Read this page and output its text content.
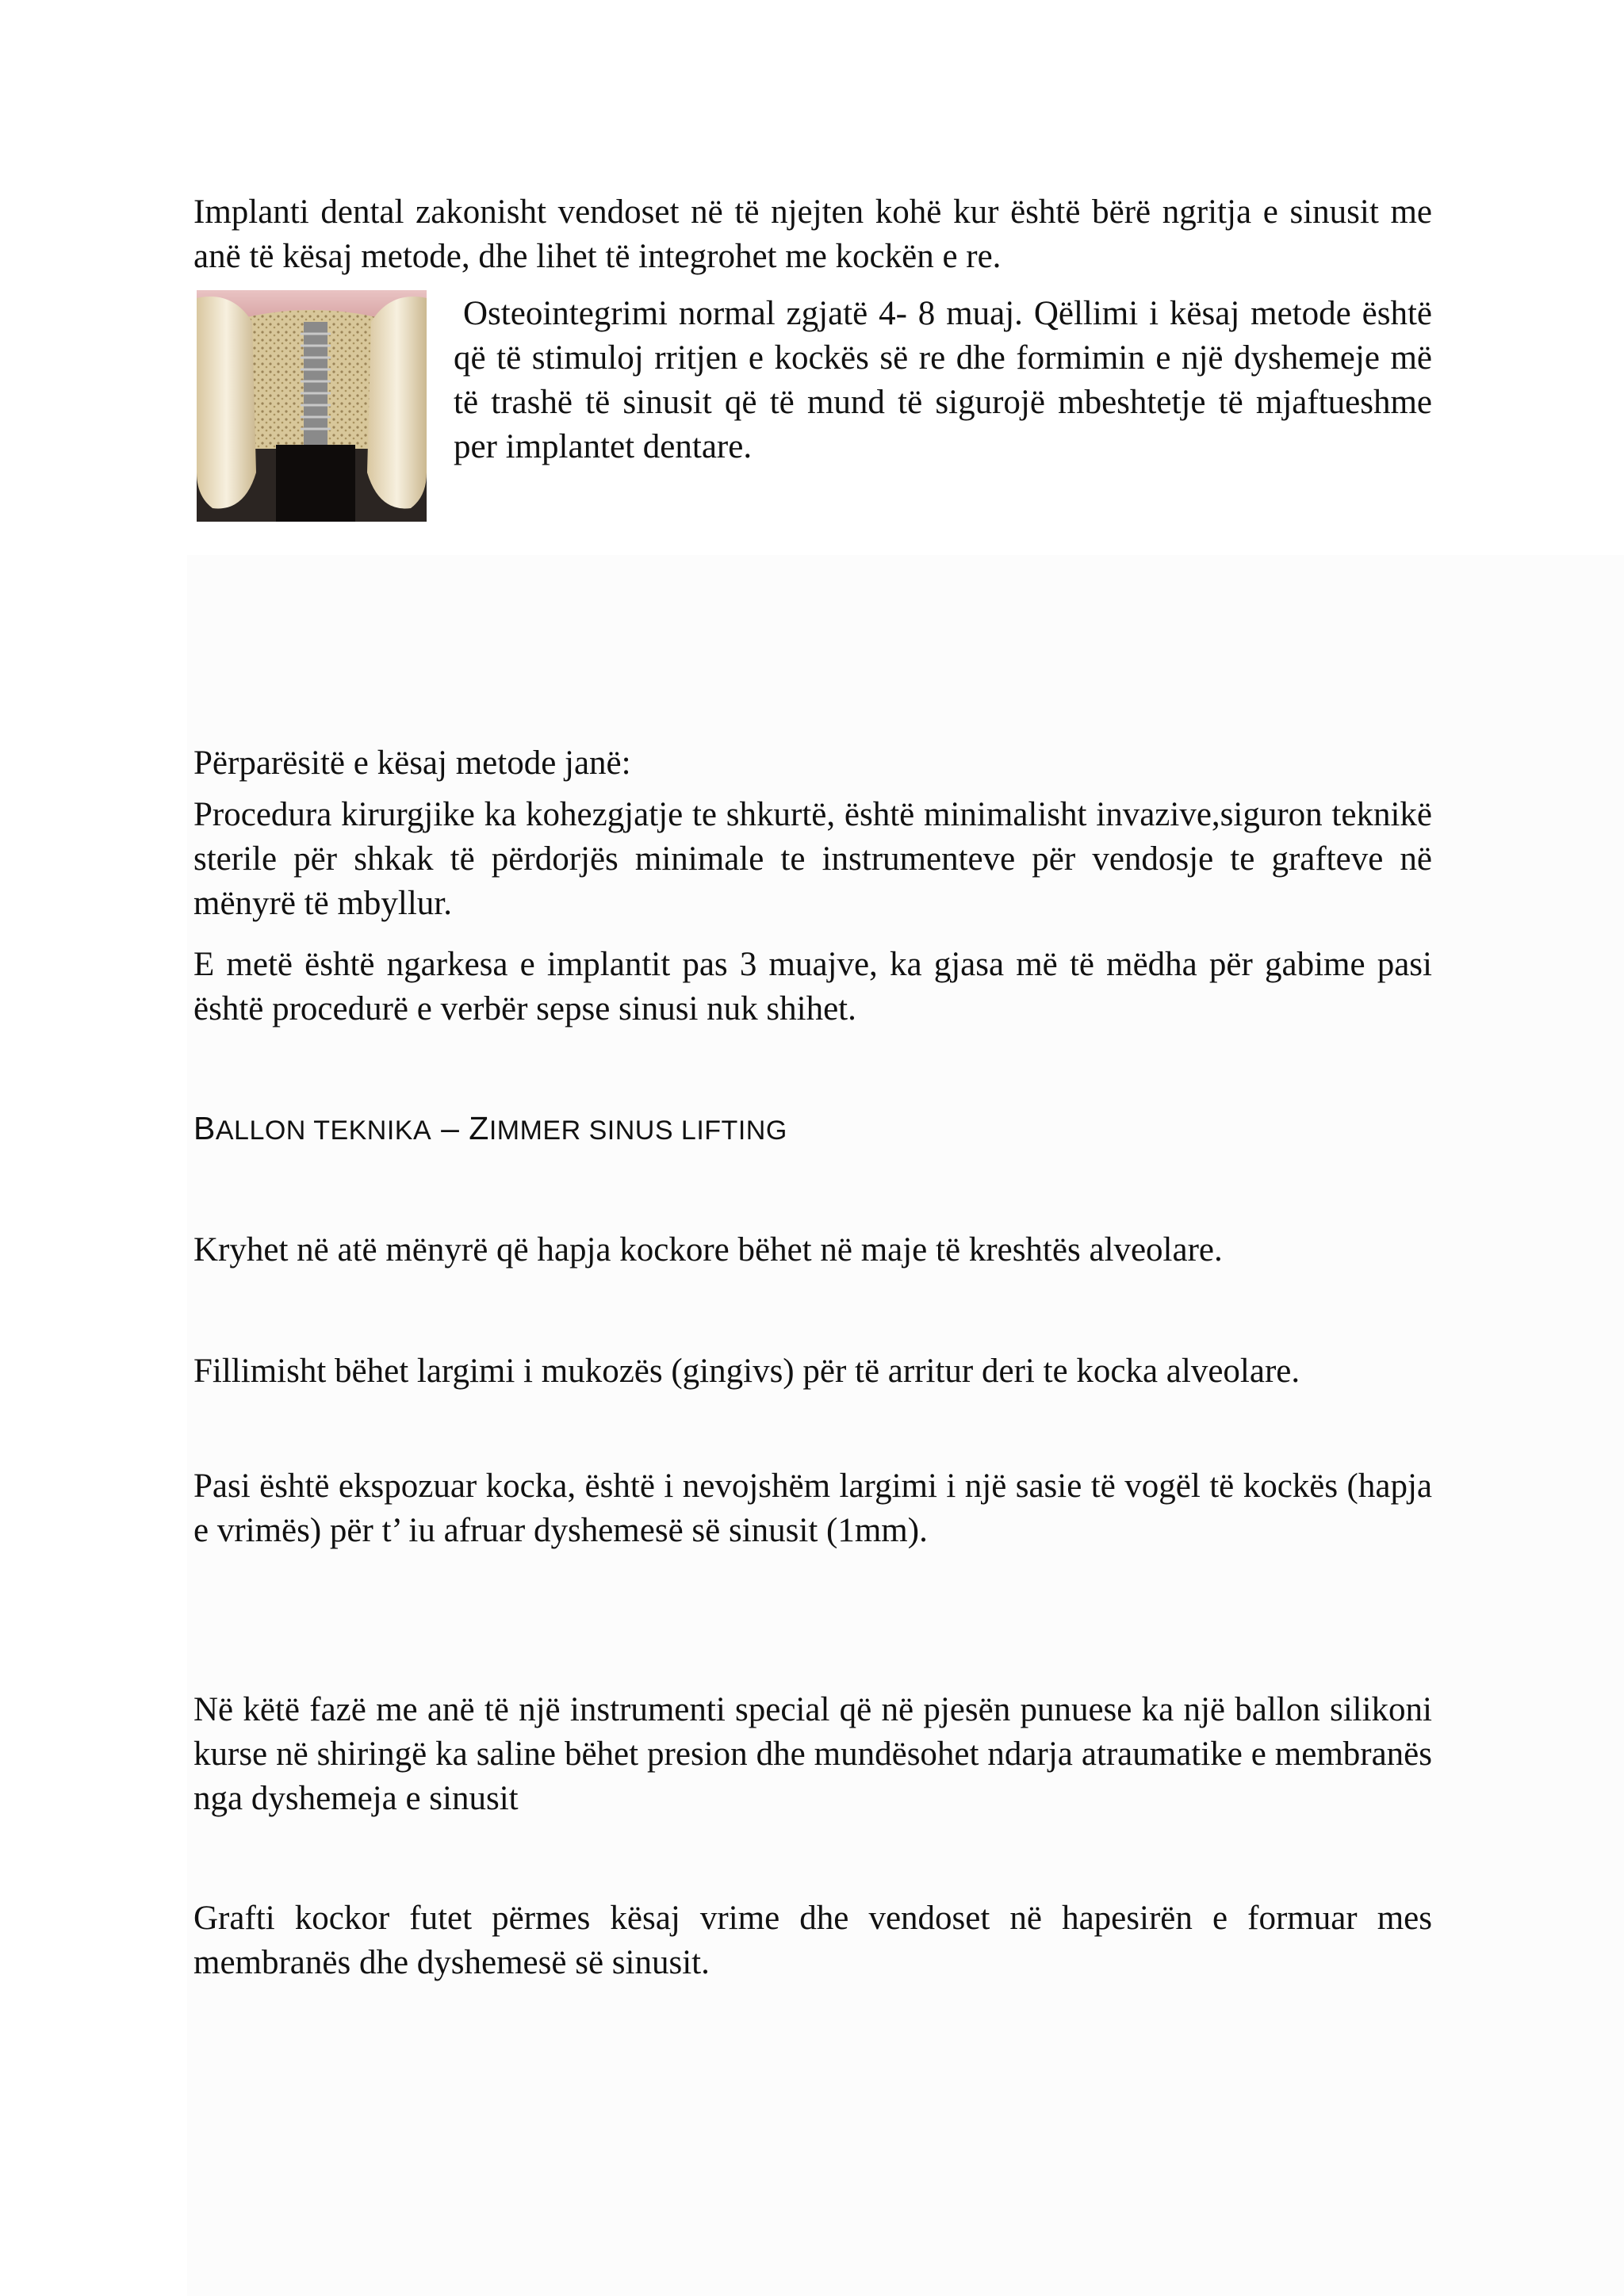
Implanti dental zakonisht vendoset në të njejten kohë kur është bërë ngritja e sinusit me anë të kësaj metode, dhe lihet të integrohet me kockën e re.

Osteointegrimi normal zgjatë 4- 8 muaj. Qëllimi i kësaj metode është që të stimuloj rritjen e kockës së re dhe formimin e një dyshemeje më të trashë të sinusit që të mund të sigurojë mbeshtetje të mjaftueshme per implantet dentare.

Përparësitë e kësaj metode janë:

Procedura kirurgjike ka kohezgjatje te shkurtë, është minimalisht invazive,siguron teknikë sterile për shkak të përdorjës minimale te instrumenteve për vendosje te grafteve në mënyrë të mbyllur.

E metë është ngarkesa e implantit pas 3 muajve, ka gjasa më të mëdha për gabime pasi është procedurë e verbër sepse sinusi nuk shihet.

BALLON TEKNIKA – ZIMMER SINUS LIFTING

Kryhet në atë mënyrë që hapja kockore bëhet në maje të kreshtës alveolare.

Fillimisht bëhet largimi i mukozës (gingivs) për të arritur deri te kocka alveolare.

Pasi është ekspozuar kocka, është i nevojshëm largimi i një sasie të vogël të kockës (hapja e vrimës) për t’ iu afruar dyshemesë së sinusit (1mm).

Në këtë fazë me anë të një instrumenti special që në pjesën punuese ka një ballon silikoni kurse në shiringë ka saline bëhet presion dhe mundësohet ndarja atraumatike e membranës nga dyshemeja e sinusit

Grafti kockor futet përmes kësaj vrime dhe vendoset në hapesirën e formuar mes membranës dhe dyshemesë së sinusit.
